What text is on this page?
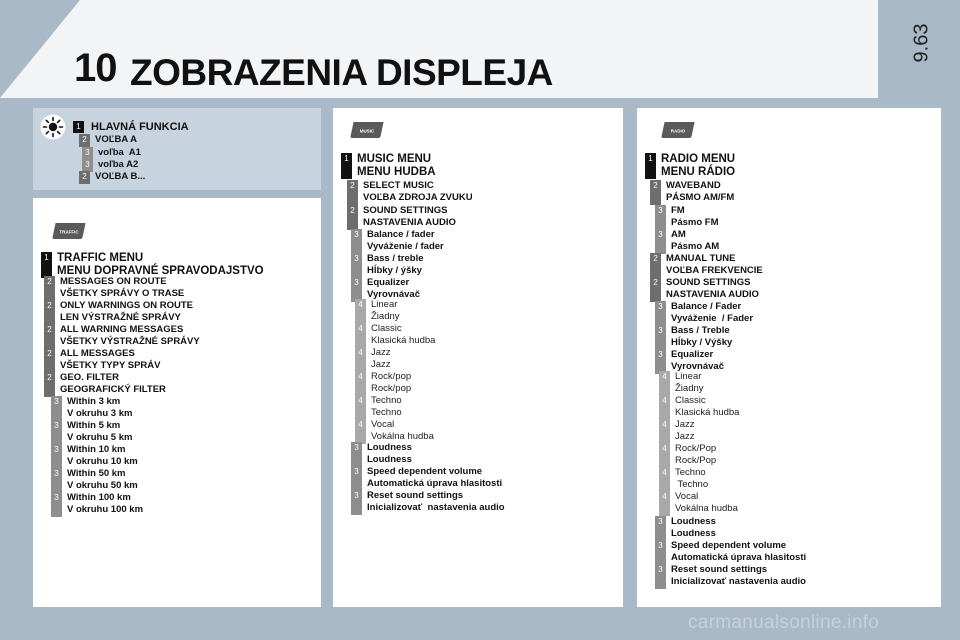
10 ZOBRAZENIA DISPLEJA
9.63
TRAFFIC
MUSIC	RADIO
1 HLAVNÁ FUNKCIA
2 VOĽBA A
3 voľba  A1
3 voľba A2
2 VOĽBA B...
1 TRAFFIC MENU
MENU DOPRAVNÉ SPRAVODAJSTVO
2 MESSAGES ON ROUTE
VŠETKY SPRÁVY O TRASE
2 ONLY WARNINGS ON ROUTE
LEN VÝSTRAŽNÉ SPRÁVY
2 ALL WARNING MESSAGES
VŠETKY VÝSTRAŽNÉ SPRÁVY
2 ALL MESSAGES
VŠETKY TYPY SPRÁV
2 GEO. FILTER
GEOGRAFICKÝ FILTER
3 Within 3 km
V okruhu 3 km
3 Within 5 km
V okruhu 5 km
3 Within 10 km
V okruhu 10 km
3 Within 50 km
V okruhu 50 km
3 Within 100 km
V okruhu 100 km
1 MUSIC MENU
MENU HUDBA
2 SELECT MUSIC
VOĽBA ZDROJA ZVUKU
2 SOUND SETTINGS
NASTAVENIA AUDIO
3 Balance / fader
Vyváženie / fader
3 Bass / treble
Hĺbky / ýšky
3 Equalizer
Vyrovnávač
4 Linear
Žiadny
4 Classic
Klasická hudba
4 Jazz
Jazz
4 Rock/pop
Rock/pop
4 Techno
Techno
4 Vocal
Vokálna hudba
3 Loudness
Loudness
3 Speed dependent volume
Automatická úprava hlasitosti
3 Reset sound settings
Inicializovať  nastavenia audio
1 RADIO MENU
MENU RÁDIO
2 WAVEBAND
PÁSMO AM/FM
3 FM
Pásmo FM
3 AM
Pásmo AM
2 MANUAL TUNE
VOĽBA FREKVENCIE
2 SOUND SETTINGS
NASTAVENIA AUDIO
3 Balance / Fader
Vyváženie  / Fader
3 Bass / Treble
Hĺbky / Výšky
3 Equalizer
Vyrovnávač
4 Linear
Žiadny
4 Classic
Klasická hudba
4 Jazz
Jazz
4 Rock/Pop
Rock/Pop
4 Techno
Techno
4 Vocal
Vokálna hudba
3 Loudness
Loudness
3 Speed dependent volume
Automatická úprava hlasitosti
3 Reset sound settings
Inicializovať nastavenia audio
carmanualsonline.info
